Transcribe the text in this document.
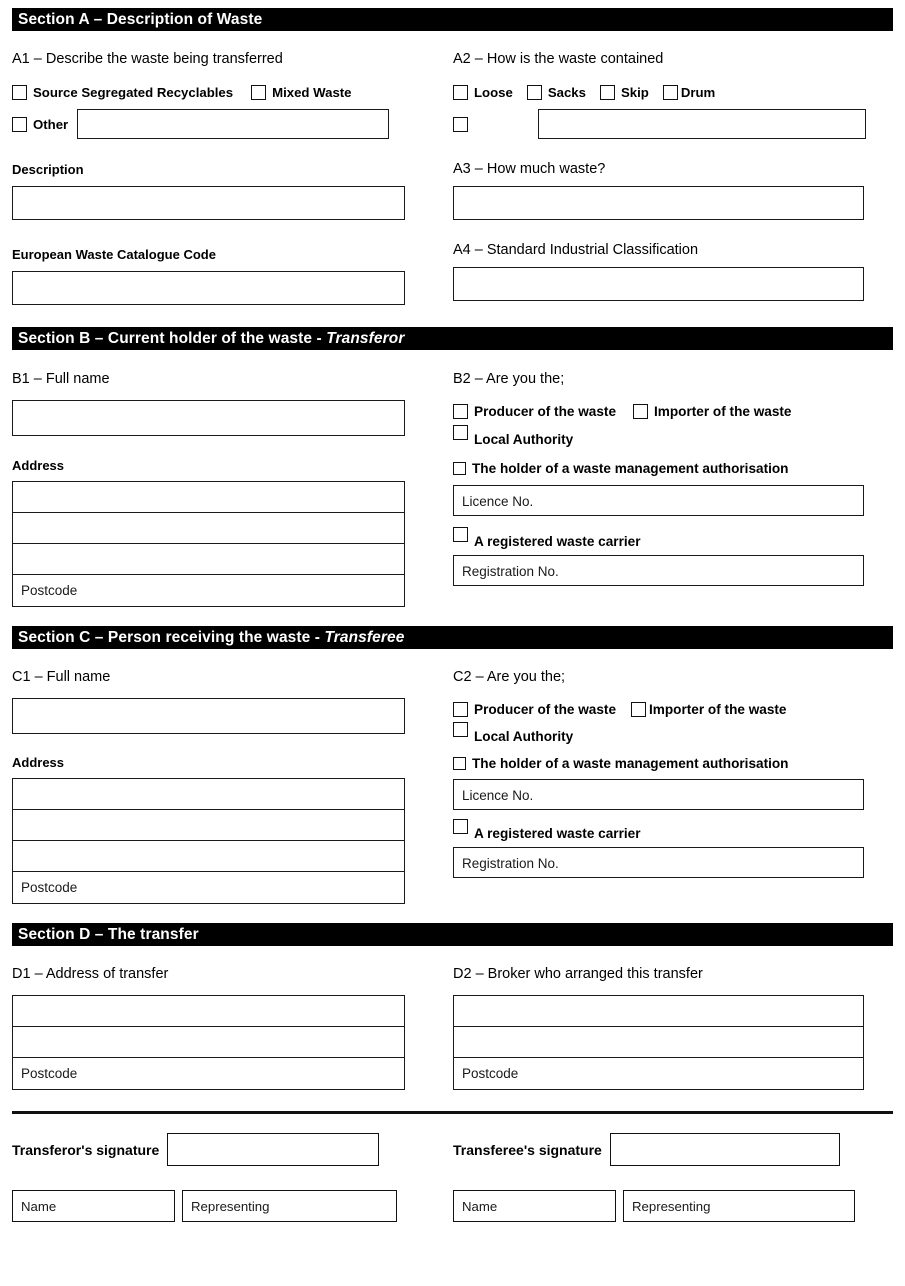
Section A – Description of Waste
A1 – Describe the waste being transferred
Source Segregated Recyclables	Mixed Waste
Other
Description
European Waste Catalogue Code
A2 – How is the waste contained
Loose	Sacks	Skip Drum
A3 – How much waste?
A4 – Standard Industrial Classification
Section B – Current holder of the waste - Transferor
B1 – Full name
Address
Postcode
B2 – Are you the;
Producer of the waste	Importer of the waste
Local Authority
The holder of a waste management authorisation
Licence No.
A registered waste carrier
Registration No.
Section C – Person receiving the waste - Transferee
C1 – Full name
Address
Postcode
C2 – Are you the;
Producer of the waste Importer of the waste
Local Authority
The holder of a waste management authorisation
Licence No.
A registered waste carrier
Registration No.
Section D – The transfer
D1 – Address of transfer
Postcode
D2 – Broker who arranged this transfer
Postcode
Transferor's signature
Name	Representing
Transferee's signature
Name	Representing
